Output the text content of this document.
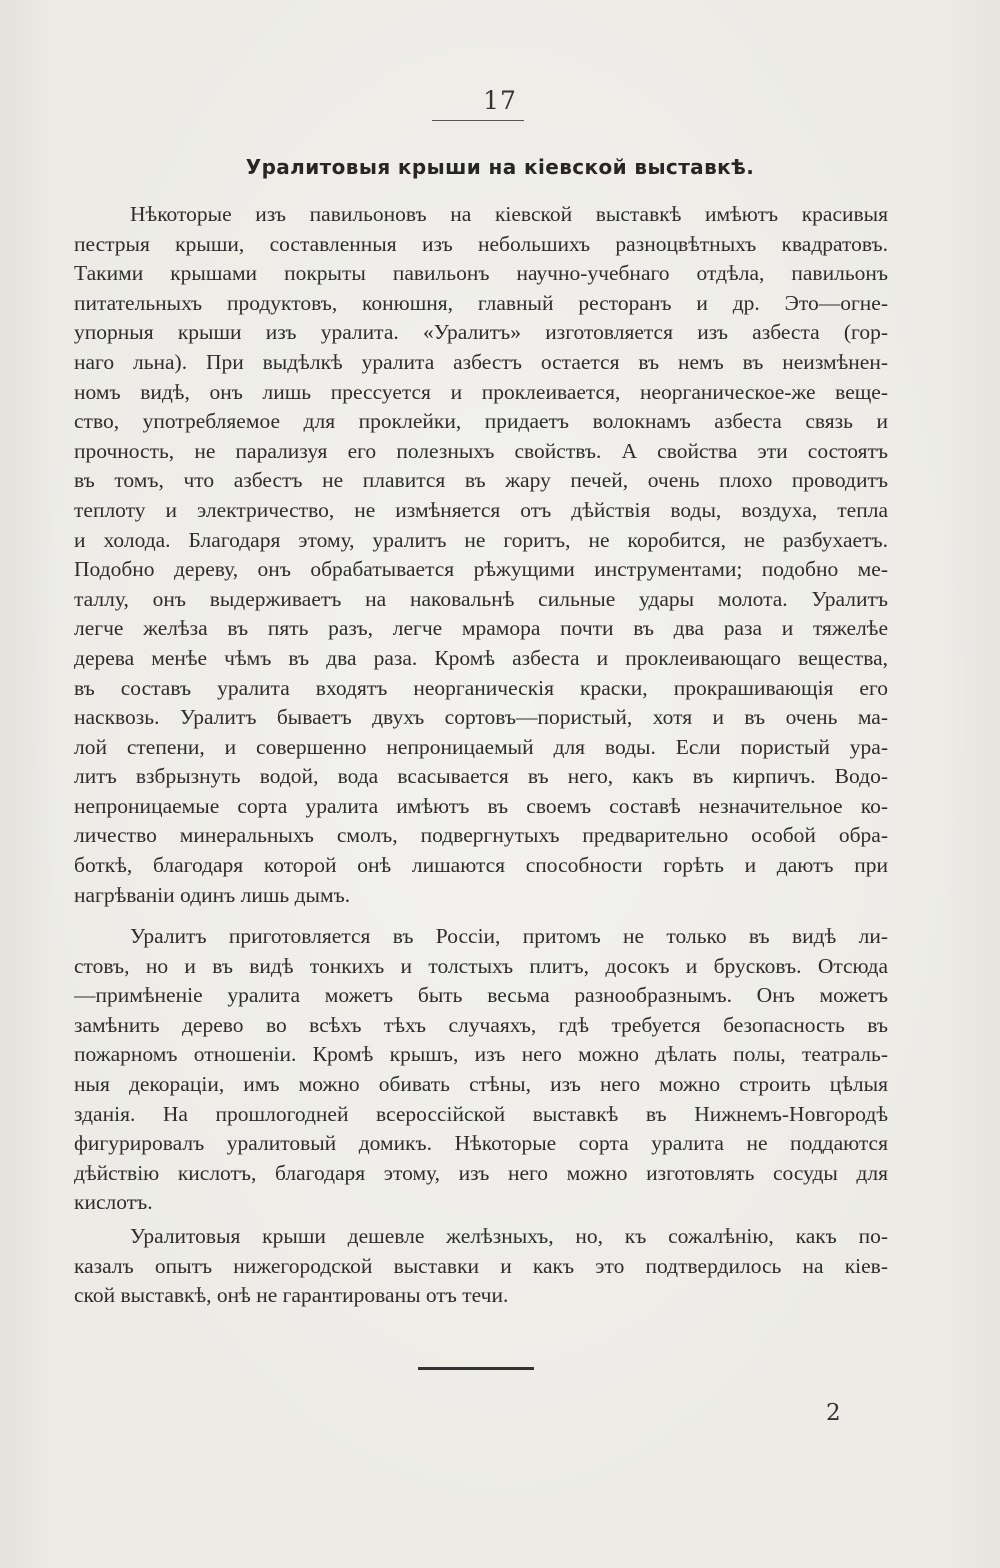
17
Уралитовыя крыши на кіевской выставкѣ.
Нѣкоторые изъ павильоновъ на кіевской выставкѣ имѣютъ красивыя
пестрыя крыши, составленныя изъ небольшихъ разноцвѣтныхъ квадратовъ.
Такими крышами покрыты павильонъ научно-учебнаго отдѣла, павильонъ
питательныхъ продуктовъ, конюшня, главный ресторанъ и др. Это—огне-
упорныя крыши изъ уралита. «Уралитъ» изготовляется изъ азбеста (гор-
наго льна). При выдѣлкѣ уралита азбестъ остается въ немъ въ неизмѣнен-
номъ видѣ, онъ лишь прессуется и проклеивается, неорганическое-же веще-
ство, употребляемое для проклейки, придаетъ волокнамъ азбеста связь и
прочность, не парализуя его полезныхъ свойствъ. А свойства эти состоятъ
въ томъ, что азбестъ не плавится въ жару печей, очень плохо проводитъ
теплоту и электричество, не измѣняется отъ дѣйствія воды, воздуха, тепла
и холода. Благодаря этому, уралитъ не горитъ, не коробится, не разбухаетъ.
Подобно дереву, онъ обрабатывается рѣжущими инструментами; подобно ме-
таллу, онъ выдерживаетъ на наковальнѣ сильные удары молота. Уралитъ
легче желѣза въ пять разъ, легче мрамора почти въ два раза и тяжелѣе
дерева менѣе чѣмъ въ два раза. Кромѣ азбеста и проклеивающаго вещества,
въ составъ уралита входятъ неорганическія краски, прокрашивающія его
насквозь. Уралитъ бываетъ двухъ сортовъ—пористый, хотя и въ очень ма-
лой степени, и совершенно непроницаемый для воды. Если пористый ура-
литъ взбрызнуть водой, вода всасывается въ него, какъ въ кирпичъ. Водо-
непроницаемые сорта уралита имѣютъ въ своемъ составѣ незначительное ко-
личество минеральныхъ смолъ, подвергнутыхъ предварительно особой обра-
боткѣ, благодаря которой онѣ лишаются способности горѣть и даютъ при
нагрѣваніи одинъ лишь дымъ.
Уралитъ приготовляется въ Россіи, притомъ не только въ видѣ ли-
стовъ, но и въ видѣ тонкихъ и толстыхъ плитъ, досокъ и брусковъ. Отсюда
—примѣненіе уралита можетъ быть весьма разнообразнымъ. Онъ можетъ
замѣнить дерево во всѣхъ тѣхъ случаяхъ, гдѣ требуется безопасность въ
пожарномъ отношеніи. Кромѣ крышъ, изъ него можно дѣлать полы, театраль-
ныя декораціи, имъ можно обивать стѣны, изъ него можно строить цѣлыя
зданія. На прошлогодней всероссійской выставкѣ въ Нижнемъ-Новгородѣ
фигурировалъ уралитовый домикъ. Нѣкоторые сорта уралита не поддаются
дѣйствію кислотъ, благодаря этому, изъ него можно изготовлять сосуды для
кислотъ.
Уралитовыя крыши дешевле желѣзныхъ, но, къ сожалѣнію, какъ по-
казалъ опытъ нижегородской выставки и какъ это подтвердилось на кіев-
ской выставкѣ, онѣ не гарантированы отъ течи.
2
